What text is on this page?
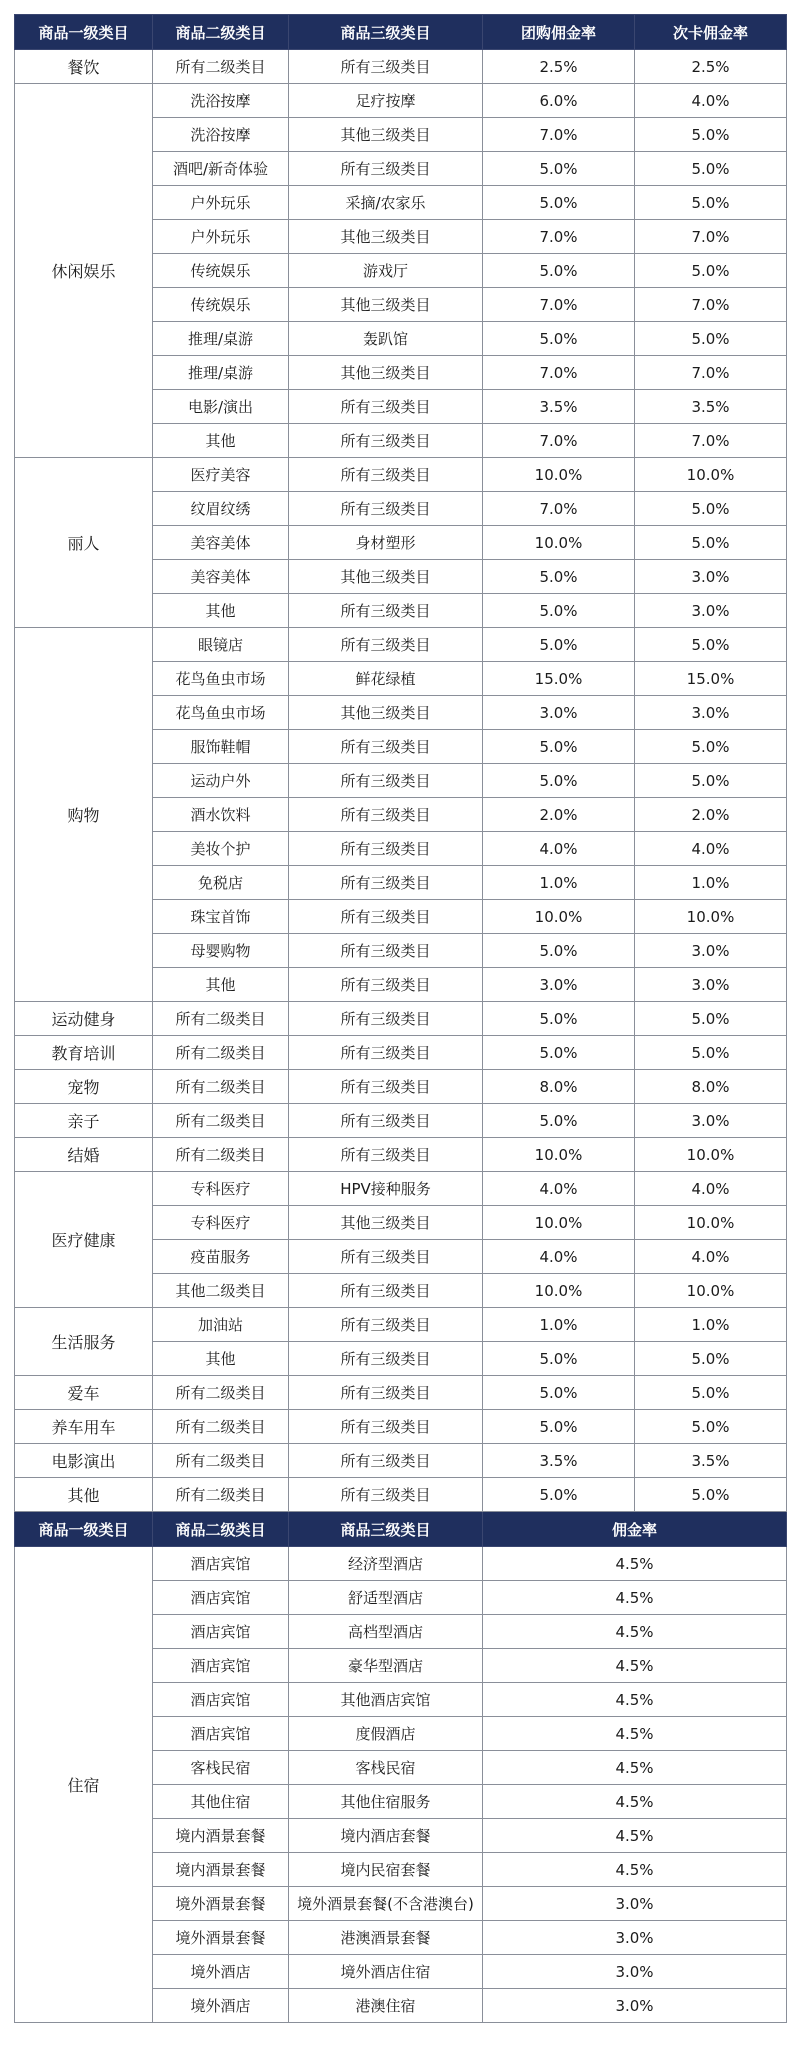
商品一级类目	商品二级类目	商品三级类目	团购佣金率	次卡佣金率
餐饮	所有二级类目	所有三级类目	2.5%	2.5%
休闲娱乐	洗浴按摩	足疗按摩	6.0%	4.0%
	洗浴按摩	其他三级类目	7.0%	5.0%
	酒吧/新奇体验	所有三级类目	5.0%	5.0%
	户外玩乐	采摘/农家乐	5.0%	5.0%
	户外玩乐	其他三级类目	7.0%	7.0%
	传统娱乐	游戏厅	5.0%	5.0%
	传统娱乐	其他三级类目	7.0%	7.0%
	推理/桌游	轰趴馆	5.0%	5.0%
	推理/桌游	其他三级类目	7.0%	7.0%
	电影/演出	所有三级类目	3.5%	3.5%
	其他	所有三级类目	7.0%	7.0%
丽人	医疗美容	所有三级类目	10.0%	10.0%
	纹眉纹绣	所有三级类目	7.0%	5.0%
	美容美体	身材塑形	10.0%	5.0%
	美容美体	其他三级类目	5.0%	3.0%
	其他	所有三级类目	5.0%	3.0%
购物	眼镜店	所有三级类目	5.0%	5.0%
	花鸟鱼虫市场	鲜花绿植	15.0%	15.0%
	花鸟鱼虫市场	其他三级类目	3.0%	3.0%
	服饰鞋帽	所有三级类目	5.0%	5.0%
	运动户外	所有三级类目	5.0%	5.0%
	酒水饮料	所有三级类目	2.0%	2.0%
	美妆个护	所有三级类目	4.0%	4.0%
	免税店	所有三级类目	1.0%	1.0%
	珠宝首饰	所有三级类目	10.0%	10.0%
	母婴购物	所有三级类目	5.0%	3.0%
	其他	所有三级类目	3.0%	3.0%
运动健身	所有二级类目	所有三级类目	5.0%	5.0%
教育培训	所有二级类目	所有三级类目	5.0%	5.0%
宠物	所有二级类目	所有三级类目	8.0%	8.0%
亲子	所有二级类目	所有三级类目	5.0%	3.0%
结婚	所有二级类目	所有三级类目	10.0%	10.0%
医疗健康	专科医疗	HPV接种服务	4.0%	4.0%
	专科医疗	其他三级类目	10.0%	10.0%
	疫苗服务	所有三级类目	4.0%	4.0%
	其他二级类目	所有三级类目	10.0%	10.0%
生活服务	加油站	所有三级类目	1.0%	1.0%
	其他	所有三级类目	5.0%	5.0%
爱车	所有二级类目	所有三级类目	5.0%	5.0%
养车用车	所有二级类目	所有三级类目	5.0%	5.0%
电影演出	所有二级类目	所有三级类目	3.5%	3.5%
其他	所有二级类目	所有三级类目	5.0%	5.0%
商品一级类目	商品二级类目	商品三级类目	佣金率	
住宿	酒店宾馆	经济型酒店	4.5%	
	酒店宾馆	舒适型酒店	4.5%	
	酒店宾馆	高档型酒店	4.5%	
	酒店宾馆	豪华型酒店	4.5%	
	酒店宾馆	其他酒店宾馆	4.5%	
	酒店宾馆	度假酒店	4.5%	
	客栈民宿	客栈民宿	4.5%	
	其他住宿	其他住宿服务	4.5%	
	境内酒景套餐	境内酒店套餐	4.5%	
	境内酒景套餐	境内民宿套餐	4.5%	
	境外酒景套餐	境外酒景套餐(不含港澳台)	3.0%	
	境外酒景套餐	港澳酒景套餐	3.0%	
	境外酒店	境外酒店住宿	3.0%	
	境外酒店	港澳住宿	3.0%	
